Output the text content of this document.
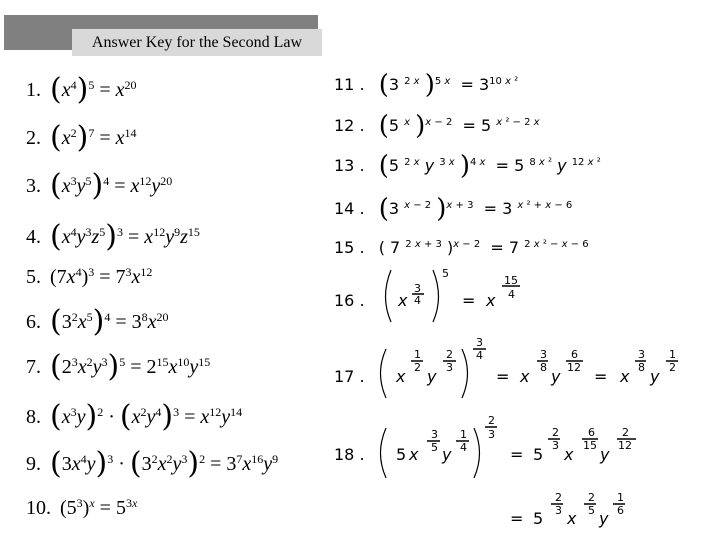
Answer Key for the Second Law
1. $(x^4)^5 = x^{20}$
2. $(x^2)^7 = x^{14}$
3. $(x^3y^5)^4 = x^{12}y^{20}$
4. $(x^4y^3z^5)^3 = x^{12}y^9z^{15}$
5. $(7x^4)^3 = 7^3x^{12}$
6. $(3^2x^5)^4 = 3^8x^{20}$
7. $(2^3x^2y^3)^5 = 2^{15}x^{10}y^{15}$
8. $(x^3y)^2 \cdot (x^2y^4)^3 = x^{12}y^{14}$
9. $(3x^4y)^3 \cdot (3^2x^2y^3)^2 = 3^7x^{16}y^9$
10. $(5^3)^x = 5^{3x}$
11 . (3 $^{2 x}$ )$^{5 x} = 3^{10 x ^2}$
12 . (5 $^x$ )$^{x - 2}$  = 5 $^{x ^2 - 2 x}$
13 . (5 $^{2 x}$ y $^{3 x}$ )$^{4 x}$  = 5 $^{8 x ^2}$ y $^{12 x ^2}$
14 . (3 $^{x - 2}$ )$^{x + 3}$  = 3 $^{x ^2 + x - 6}$
15 . ( 7 $^{2 x + 3}$ )$^{x - 2}$  = 7 $^{2 x ^2 - x - 6}$
16 . x
3
4
5
= x
15
4
17 . x
1
2 y
2
3
3
4
= x
3
8 y
6
12 = x
3
8 y
1
2
18 . 5 x
3
5 y
1
4
2
3
= 5
2
3 x
6
15 y
2
12
= 5
2
3 x
2
5 y
1
6
